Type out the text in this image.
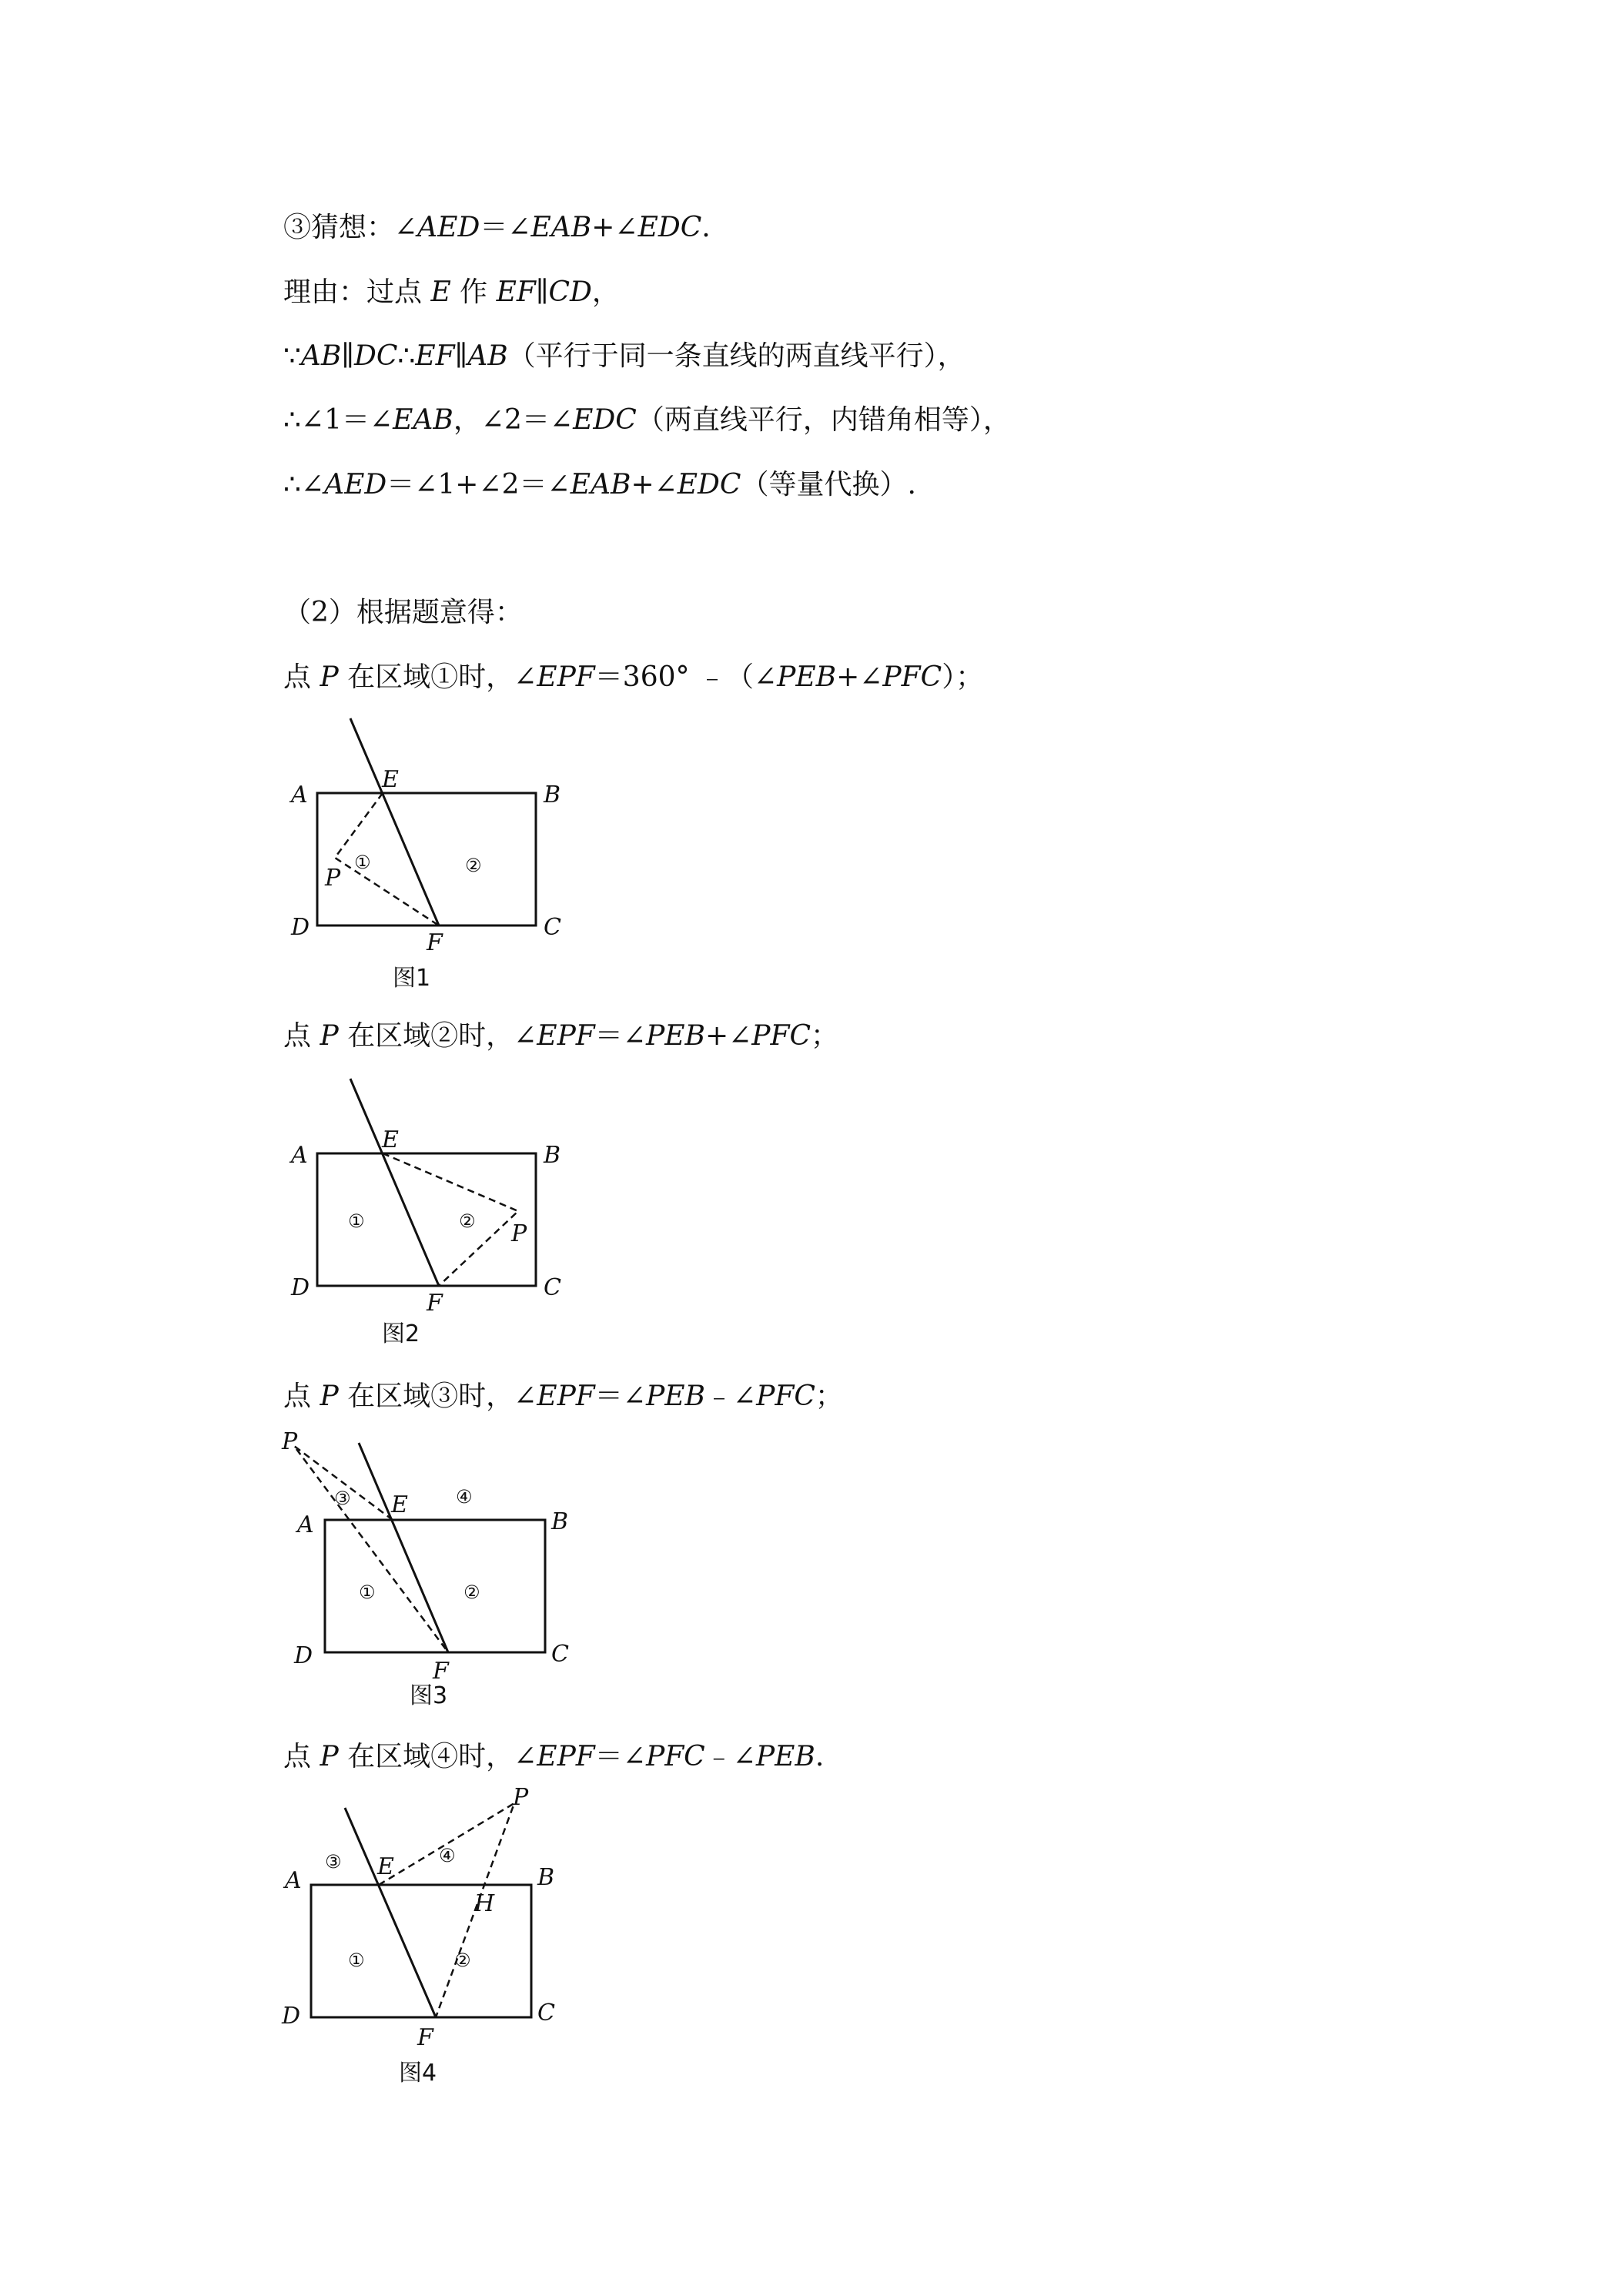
③猜想：∠AED＝∠EAB+∠EDC.
理由：过点 E 作 EF∥CD，
∵AB∥DC∴EF∥AB（平行于同一条直线的两直线平行），
∴∠1＝∠EAB，∠2＝∠EDC（两直线平行，内错角相等），
∴∠AED＝∠1+∠2＝∠EAB+∠EDC（等量代换）.
（2）根据题意得：
点 P 在区域①时，∠EPF＝360° ﹣（∠PEB+∠PFC）；
A	B
C
D
E
F
P
①	②
图1
点 P 在区域②时，∠EPF＝∠PEB+∠PFC；
A	B
C
D
E
F
P
①	②
图2
点 P 在区域③时，∠EPF＝∠PEB﹣∠PFC；
P
A	B
C
D
E
F
③	④
①	②
图3
点 P 在区域④时，∠EPF＝∠PFC﹣∠PEB.
P
A	B
C
D
E
F
H
③	④
①	②
图4
